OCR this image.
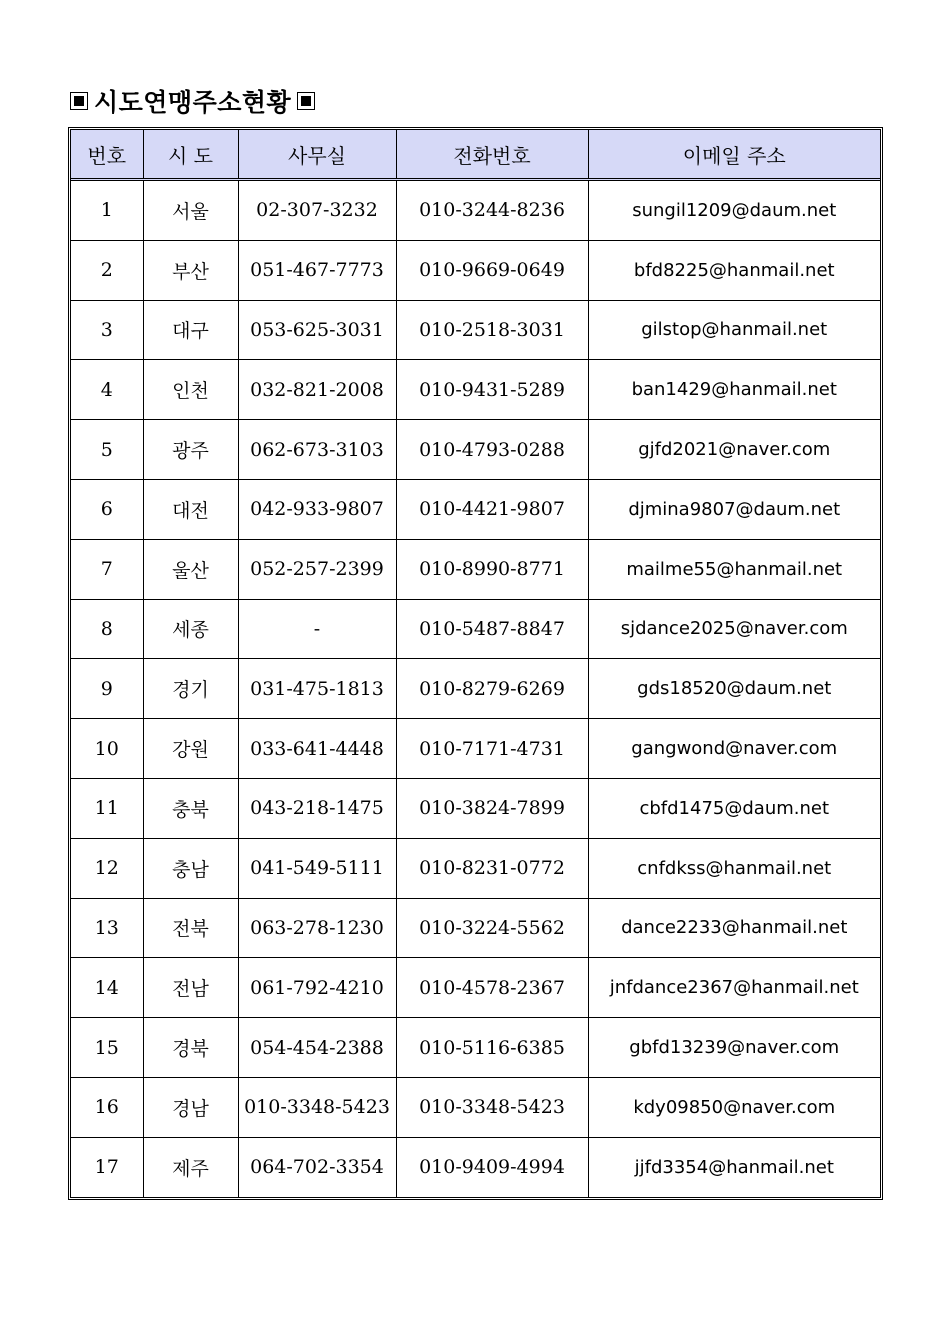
시도연맹주소현황
번호	시 도	사무실	전화번호	이메일 주소
1	서울	02-307-3232	010-3244-8236	sungil1209@daum.net
2	부산	051-467-7773	010-9669-0649	bfd8225@hanmail.net
3	대구	053-625-3031	010-2518-3031	gilstop@hanmail.net
4	인천	032-821-2008	010-9431-5289	ban1429@hanmail.net
5	광주	062-673-3103	010-4793-0288	gjfd2021@naver.com
6	대전	042-933-9807	010-4421-9807	djmina9807@daum.net
7	울산	052-257-2399	010-8990-8771	mailme55@hanmail.net
8	세종	-	010-5487-8847	sjdance2025@naver.com
9	경기	031-475-1813	010-8279-6269	gds18520@daum.net
10	강원	033-641-4448	010-7171-4731	gangwond@naver.com
11	충북	043-218-1475	010-3824-7899	cbfd1475@daum.net
12	충남	041-549-5111	010-8231-0772	cnfdkss@hanmail.net
13	전북	063-278-1230	010-3224-5562	dance2233@hanmail.net
14	전남	061-792-4210	010-4578-2367	jnfdance2367@hanmail.net
15	경북	054-454-2388	010-5116-6385	gbfd13239@naver.com
16	경남	010-3348-5423	010-3348-5423	kdy09850@naver.com
17	제주	064-702-3354	010-9409-4994	jjfd3354@hanmail.net
